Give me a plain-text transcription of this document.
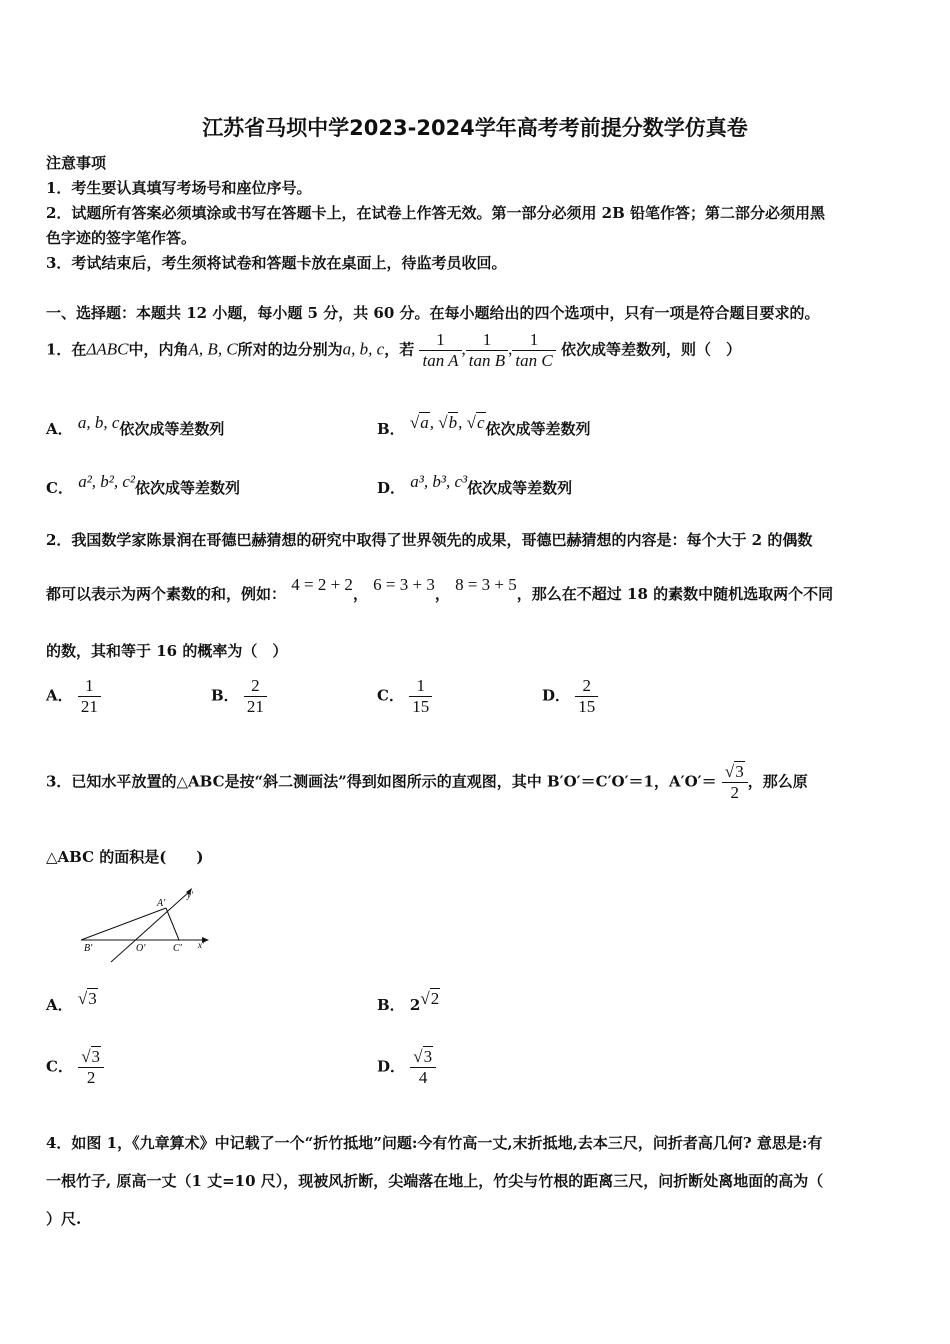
江苏省马坝中学2023-2024学年高考考前提分数学仿真卷
注意事项
1．考生要认真填写考场号和座位序号。
2．试题所有答案必须填涂或书写在答题卡上，在试卷上作答无效。第一部分必须用 2B 铅笔作答；第二部分必须用黑
色字迹的签字笔作答。
3．考试结束后，考生须将试卷和答题卡放在桌面上，待监考员收回。
一、选择题：本题共 12 小题，每小题 5 分，共 60 分。在每小题给出的四个选项中，只有一项是符合题目要求的。
1．在ΔABC中，内角A, B, C所对的边分别为a, b, c，若 $\frac{1}{\text{tan A}}$ , $\frac{1}{\text{tan B}}$ , $\frac{1}{\text{tan C}}$ 依次成等差数列，则（　）
A． a, b, c依次成等差数列	B． √a, √b, √c依次成等差数列
C． a², b², c²依次成等差数列	D． a³, b³, c³依次成等差数列
2．我国数学家陈景润在哥德巴赫猜想的研究中取得了世界领先的成果，哥德巴赫猜想的内容是：每个大于 2 的偶数
都可以表示为两个素数的和，例如： 4 = 2 + 2， 6 = 3 + 3， 8 = 3 + 5，那么在不超过 18 的素数中随机选取两个不同
的数，其和等于 16 的概率为（　）
A． $\frac{1}{21}$	B． $\frac{2}{21}$	C． $\frac{1}{15}$	D． $\frac{2}{15}$
3．已知水平放置的△ABC是按“斜二测画法”得到如图所示的直观图，其中 B′O′＝C′O′＝1，$A'O'= \frac{√3}{2}$ ，那么原
△ABC 的面积是(　　)
A′
B′	O′	C′ x′
y′
A． √3	B． 2√2
C． $\frac{√3}{2}$	D． $\frac{√3}{4}$
4．如图 1，《九章算术》中记载了一个“折竹抵地”问题:今有竹高一丈,末折抵地,去本三尺，问折者高几何? 意思是:有
一根竹子, 原高一丈（1 丈=10 尺），现被风折断，尖端落在地上，竹尖与竹根的距离三尺，问折断处离地面的高为（
）尺.
